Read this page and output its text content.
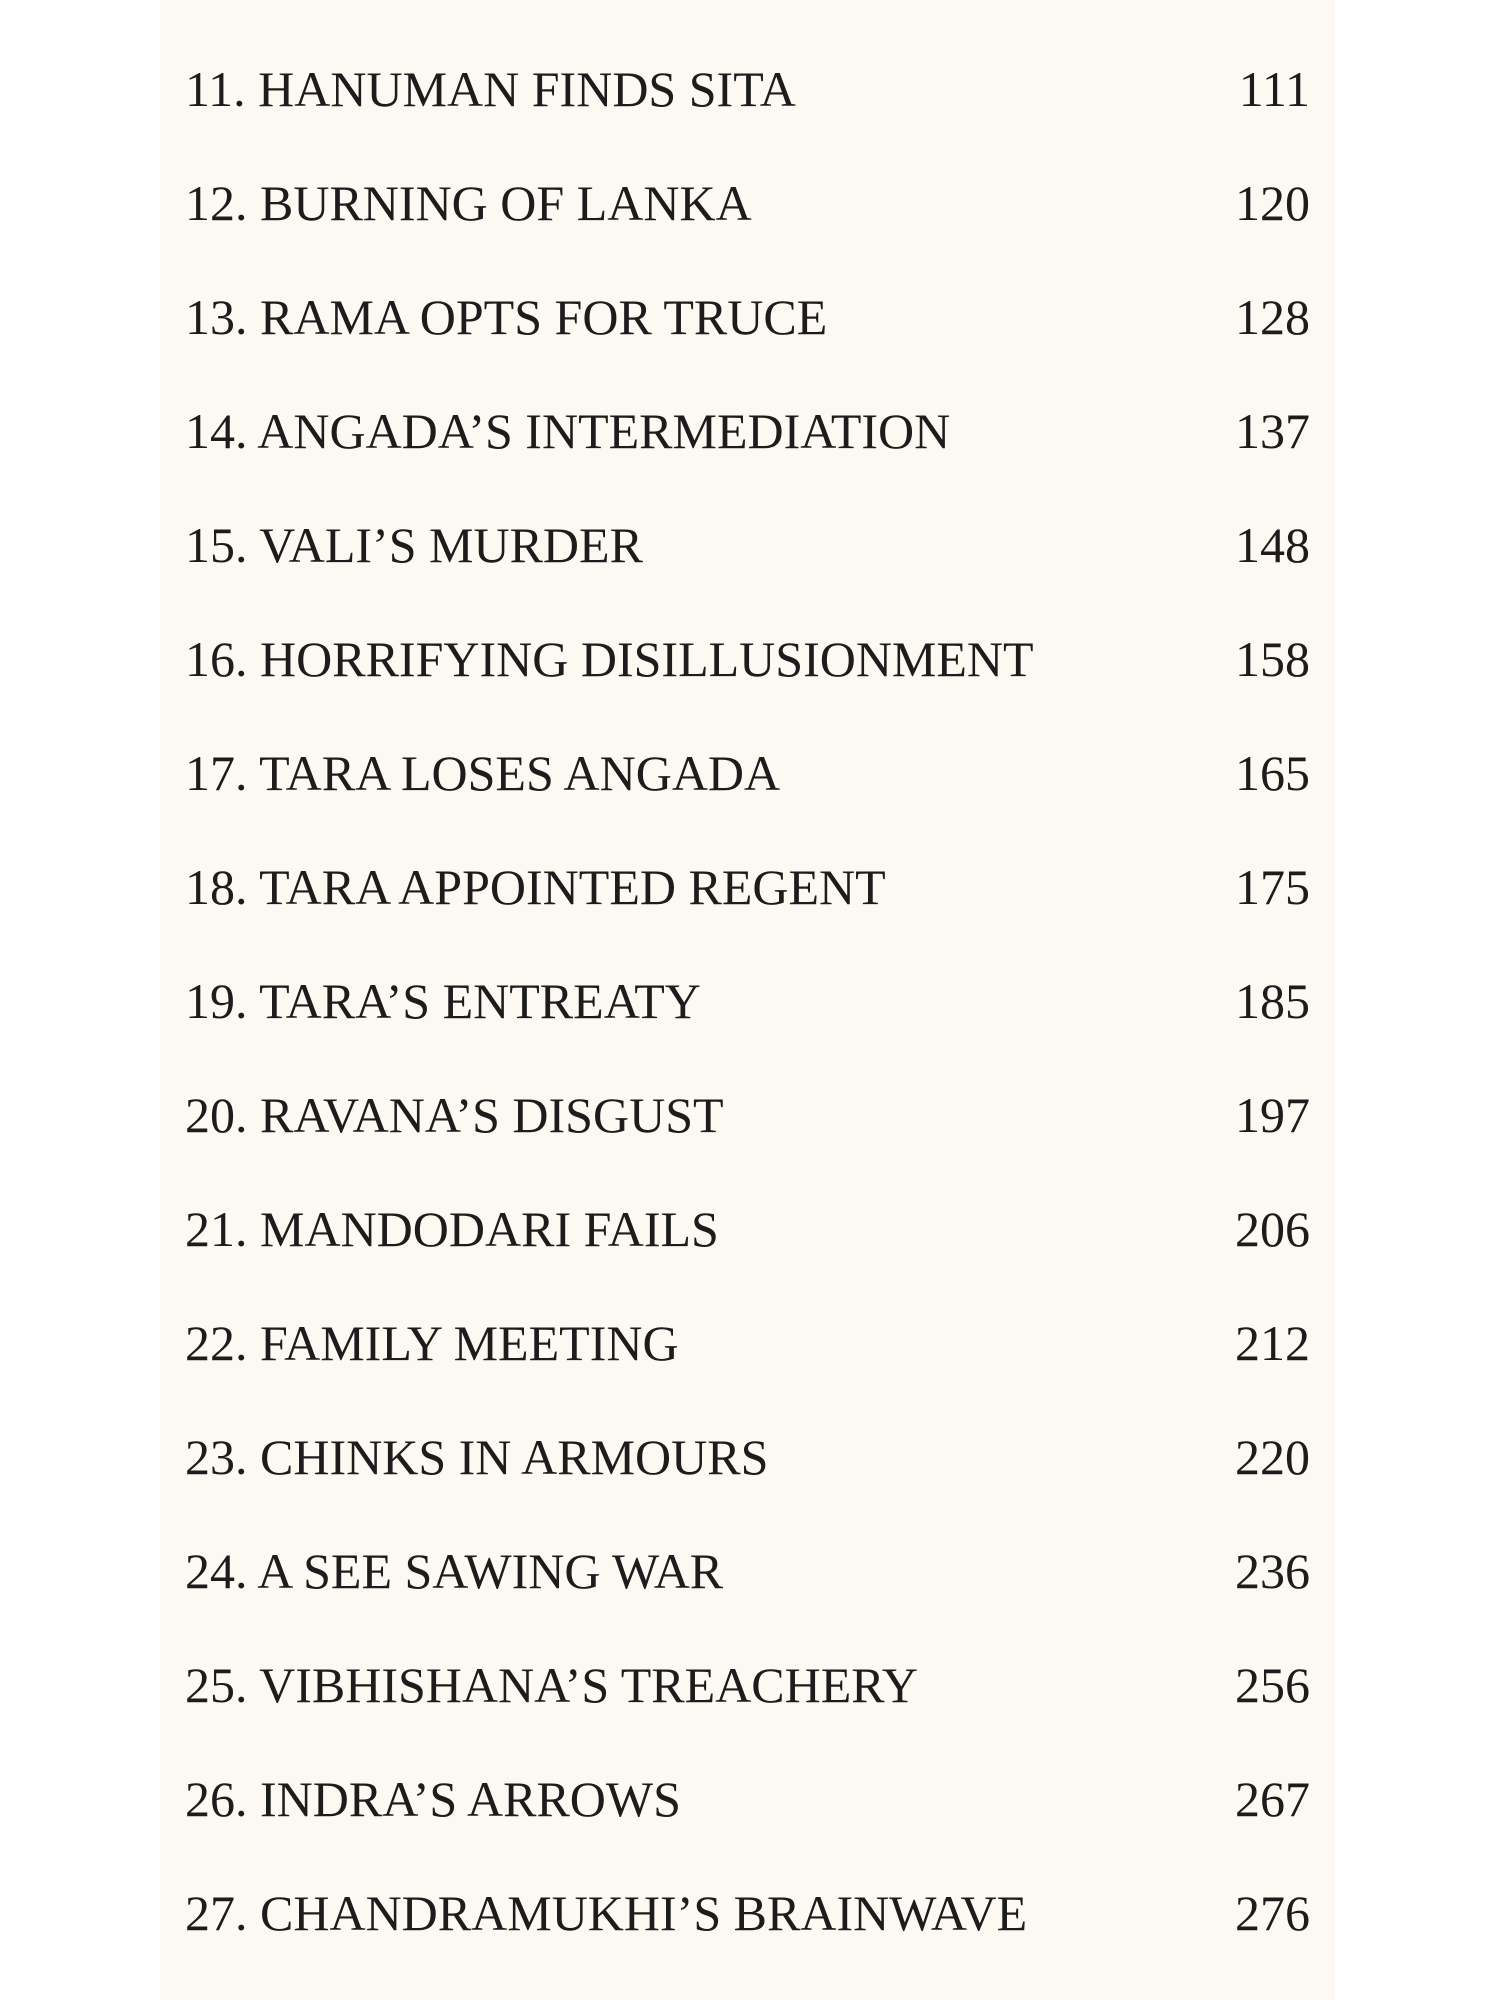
11. HANUMAN FINDS SITA	111
12. BURNING OF LANKA	120
13. RAMA OPTS FOR TRUCE	128
14. ANGADA’S INTERMEDIATION	137
15. VALI’S MURDER	148
16. HORRIFYING DISILLUSIONMENT	158
17. TARA LOSES ANGADA	165
18. TARA APPOINTED REGENT	175
19. TARA’S ENTREATY	185
20. RAVANA’S DISGUST	197
21. MANDODARI FAILS	206
22. FAMILY MEETING	212
23. CHINKS IN ARMOURS	220
24. A SEE SAWING WAR	236
25. VIBHISHANA’S TREACHERY	256
26. INDRA’S ARROWS	267
27. CHANDRAMUKHI’S BRAINWAVE	276
